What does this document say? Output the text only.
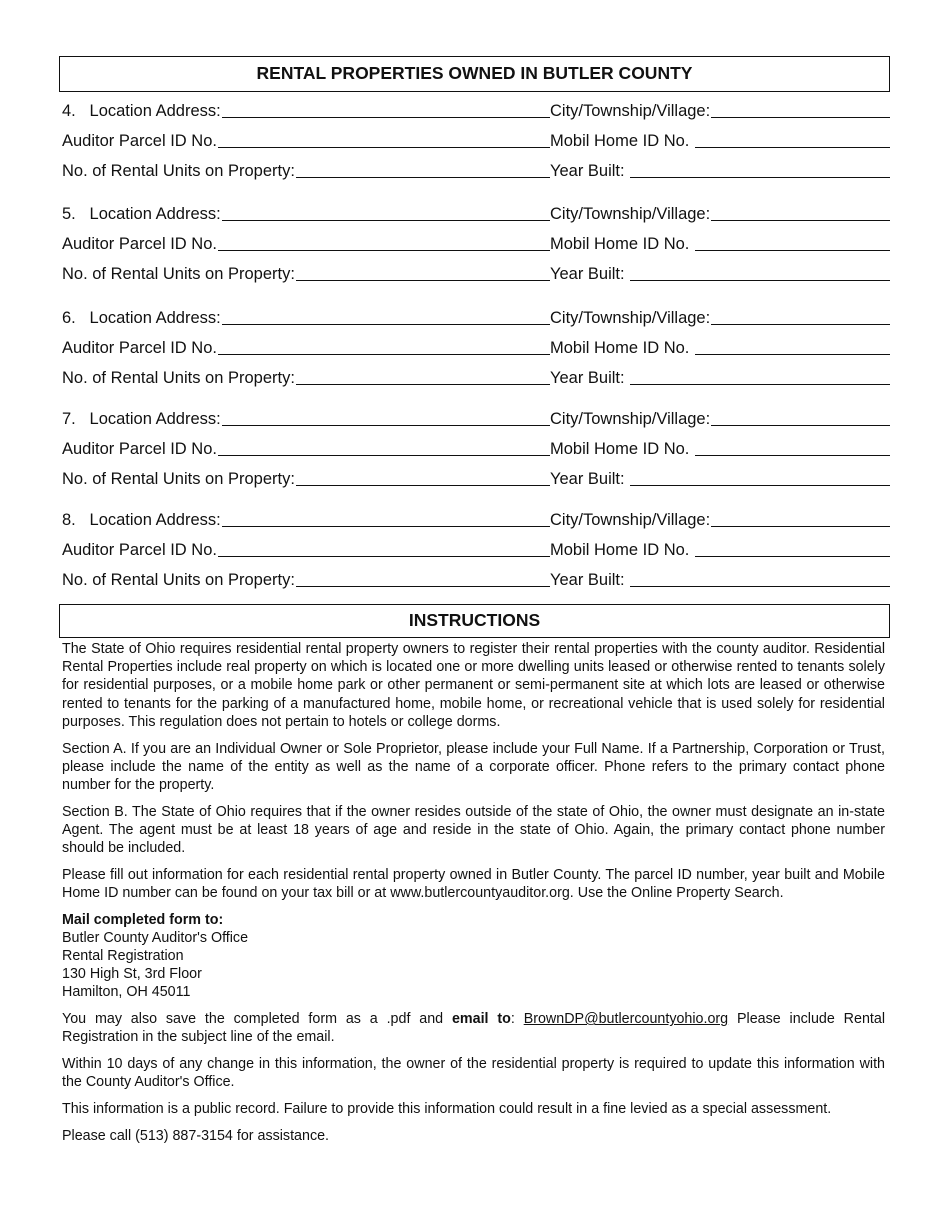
RENTAL PROPERTIES OWNED IN BUTLER COUNTY
4.
Location Address:	City/Township/Village:
Auditor Parcel ID No.	Mobil Home ID No.

No. of Rental Units on Property:	Year Built:

5.
Location Address:	City/Township/Village:
Auditor Parcel ID No.	Mobil Home ID No.

No. of Rental Units on Property:	Year Built:

6.
Location Address:	City/Township/Village:
Auditor Parcel ID No.	Mobil Home ID No.

No. of Rental Units on Property:	Year Built:

7.
Location Address:	City/Township/Village:
Auditor Parcel ID No.	Mobil Home ID No.

No. of Rental Units on Property:	Year Built:

8.
Location Address:	City/Township/Village:
Auditor Parcel ID No.	Mobil Home ID No.

No. of Rental Units on Property:	Year Built:

INSTRUCTIONS

The State of Ohio requires residential rental property owners to register their rental properties with the county auditor. Residential Rental Properties include real property on which is located one or more dwelling units leased or otherwise rented to tenants solely for residential purposes, or a mobile home park or other permanent or semi-permanent site at which lots are leased or otherwise rented to tenants for the parking of a manufactured home, mobile home, or recreational vehicle that is used solely for residential purposes. This regulation does not pertain to hotels or college dorms.

Section A. If you are an Individual Owner or Sole Proprietor, please include your Full Name. If a Partnership, Corporation or Trust, please include the name of the entity as well as the name of a corporate officer. Phone refers to the primary contact phone number for the property.

Section B. The State of Ohio requires that if the owner resides outside of the state of Ohio, the owner must designate an in-state Agent. The agent must be at least 18 years of age and reside in the state of Ohio. Again, the primary contact phone number should be included.

Please fill out information for each residential rental property owned in Butler County. The parcel ID number, year built and Mobile Home ID number can be found on your tax bill or at www.butlercountyauditor.org. Use the Online Property Search.

Mail completed form to:
Butler County Auditor's Office
Rental Registration
130 High St, 3rd Floor
Hamilton, OH 45011

You may also save the completed form as a .pdf and email to: BrownDP@butlercountyohio.org Please include Rental Registration in the subject line of the email.

Within 10 days of any change in this information, the owner of the residential property is required to update this information with the County Auditor's Office.

This information is a public record. Failure to provide this information could result in a fine levied as a special assessment.

Please call (513) 887-3154 for assistance.
